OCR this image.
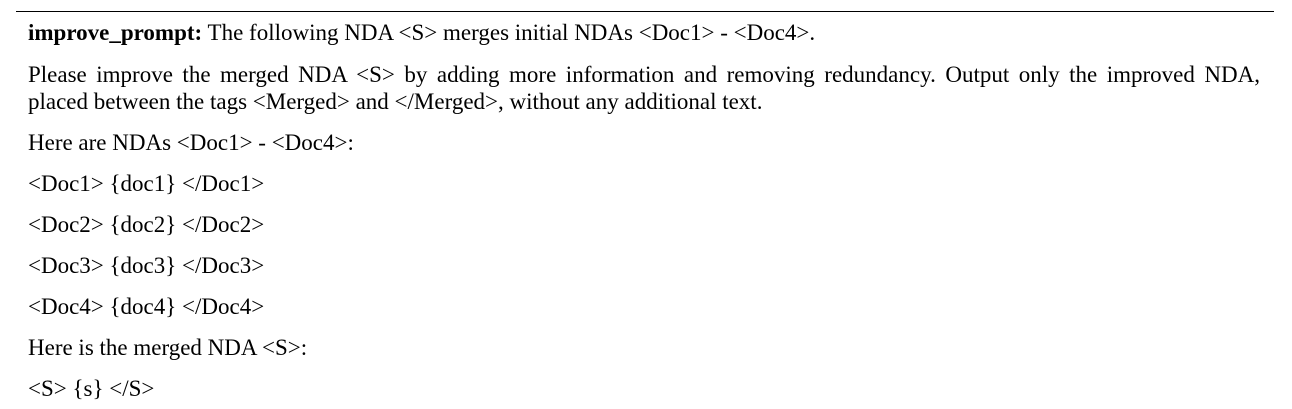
improve_prompt: The following NDA <S> merges initial NDAs <Doc1> - <Doc4>.
Please improve the merged NDA <S> by adding more information and removing redundancy. Output only the improved NDA, placed between the tags <Merged> and </Merged>, without any additional text.
Here are NDAs <Doc1> - <Doc4>:
<Doc1> {doc1} </Doc1>
<Doc2> {doc2} </Doc2>
<Doc3> {doc3} </Doc3>
<Doc4> {doc4} </Doc4>
Here is the merged NDA <S>:
<S> {s} </S>
